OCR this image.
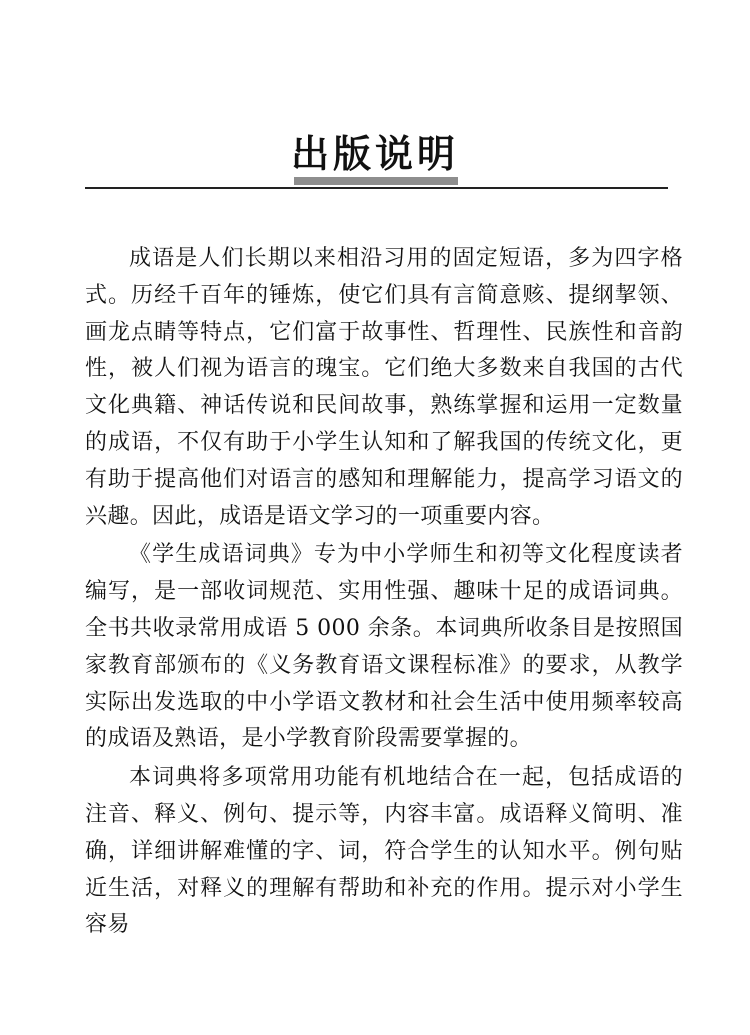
出版说明

成语是人们长期以来相沿习用的固定短语，多为四字格式。历经千百年的锤炼，使它们具有言简意赅、提纲挈领、画龙点睛等特点，它们富于故事性、哲理性、民族性和音韵性，被人们视为语言的瑰宝。它们绝大多数来自我国的古代文化典籍、神话传说和民间故事，熟练掌握和运用一定数量的成语，不仅有助于小学生认知和了解我国的传统文化，更有助于提高他们对语言的感知和理解能力，提高学习语文的兴趣。因此，成语是语文学习的一项重要内容。

《学生成语词典》专为中小学师生和初等文化程度读者编写，是一部收词规范、实用性强、趣味十足的成语词典。全书共收录常用成语 5 000 余条。本词典所收条目是按照国家教育部颁布的《义务教育语文课程标准》的要求，从教学实际出发选取的中小学语文教材和社会生活中使用频率较高的成语及熟语，是小学教育阶段需要掌握的。

本词典将多项常用功能有机地结合在一起，包括成语的注音、释义、例句、提示等，内容丰富。成语释义简明、准确，详细讲解难懂的字、词，符合学生的认知水平。例句贴近生活，对释义的理解有帮助和补充的作用。提示对小学生容易
